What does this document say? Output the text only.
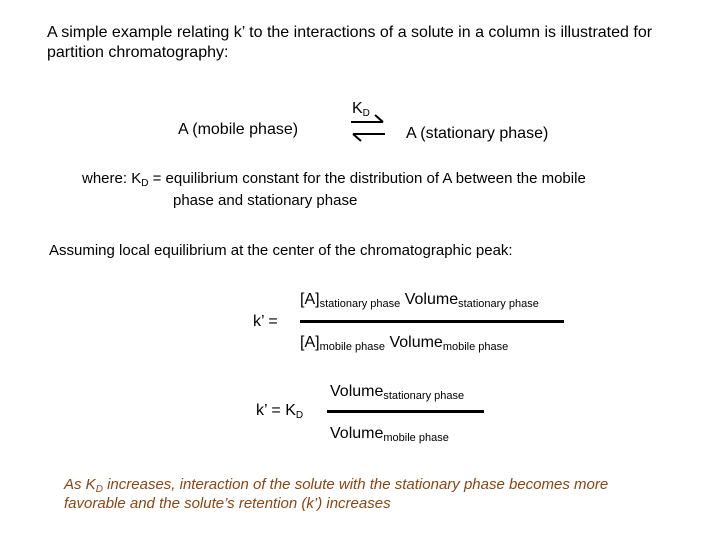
A simple example relating k’ to the interactions of a solute in a column is illustrated for
partition chromatography:
A (mobile phase)
KD
⇌ A (stationary phase)
where: $K_D$ = equilibrium constant for the distribution of A between the mobile
phase and stationary phase
Assuming local equilibrium at the center of the chromatographic peak:
k’ =
$[A]_{stationary phase}$ Volume$_{stationary phase}$
$[A]_{mobile phase}$ Volume$_{mobile phase}$
k’ = KD
Volume$_{stationary phase}$
Volume$_{mobile phase}$
As $K_D$ increases, interaction of the solute with the stationary phase becomes more
favorable and the solute’s retention (k’) increases
